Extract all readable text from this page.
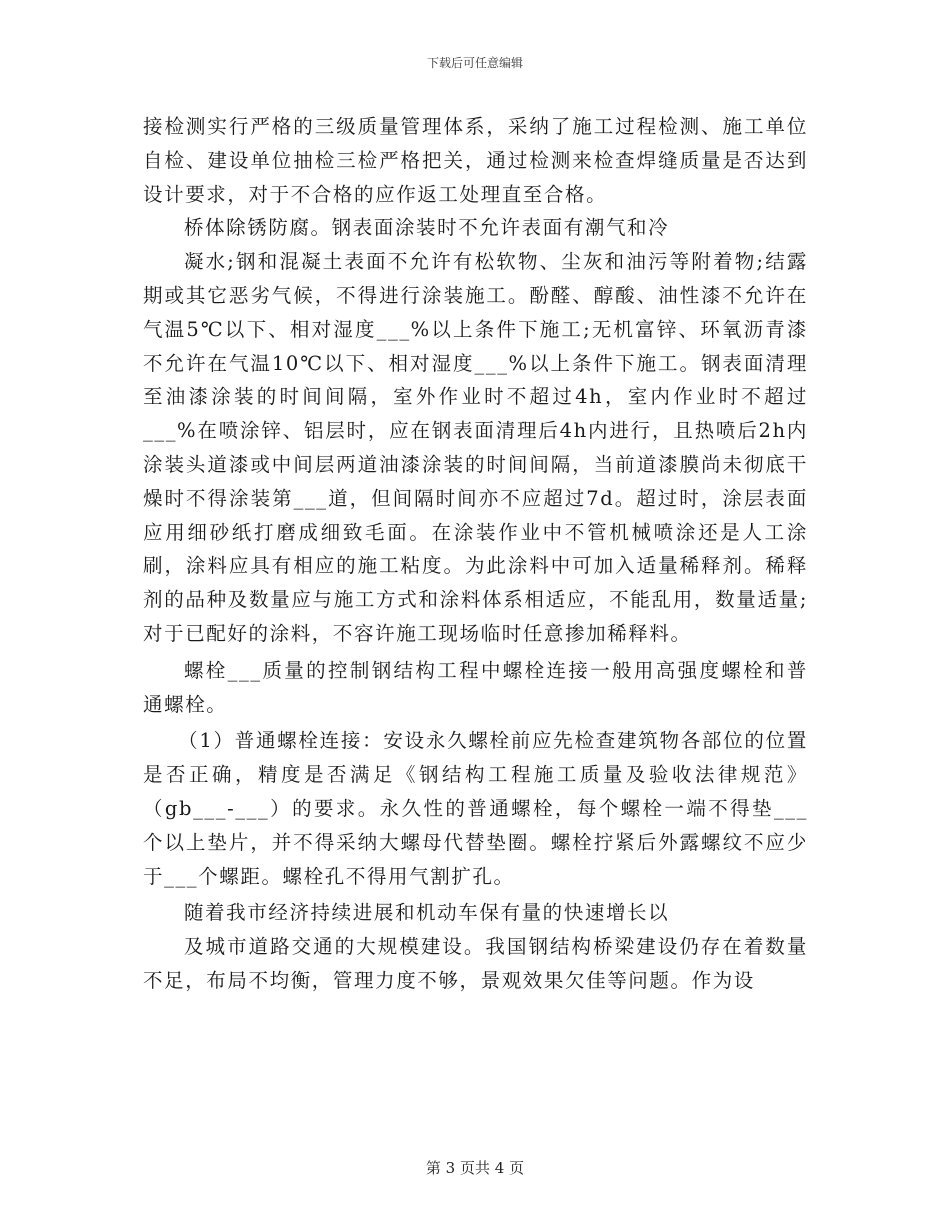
下载后可任意编辑

接检测实行严格的三级质量管理体系，采纳了施工过程检测、施工单位自检、建设单位抽检三检严格把关，通过检测来检查焊缝质量是否达到设计要求，对于不合格的应作返工处理直至合格。

桥体除锈防腐。钢表面涂装时不允许表面有潮气和冷

凝水;钢和混凝土表面不允许有松软物、尘灰和油污等附着物;结露期或其它恶劣气候，不得进行涂装施工。酚醛、醇酸、油性漆不允许在气温5℃以下、相对湿度___%以上条件下施工;无机富锌、环氧沥青漆不允许在气温10℃以下、相对湿度___%以上条件下施工。钢表面清理至油漆涂装的时间间隔，室外作业时不超过4h，室内作业时不超过___%在喷涂锌、铝层时，应在钢表面清理后4h内进行，且热喷后2h内涂装头道漆或中间层两道油漆涂装的时间间隔，当前道漆膜尚未彻底干燥时不得涂装第___道，但间隔时间亦不应超过7d。超过时，涂层表面应用细砂纸打磨成细致毛面。在涂装作业中不管机械喷涂还是人工涂刷，涂料应具有相应的施工粘度。为此涂料中可加入适量稀释剂。稀释剂的品种及数量应与施工方式和涂料体系相适应，不能乱用，数量适量;对于已配好的涂料，不容许施工现场临时任意掺加稀释料。

螺栓___质量的控制钢结构工程中螺栓连接一般用高强度螺栓和普通螺栓。

（1）普通螺栓连接：安设永久螺栓前应先检查建筑物各部位的位置是否正确，精度是否满足《钢结构工程施工质量及验收法律规范》（gb___-___）的要求。永久性的普通螺栓，每个螺栓一端不得垫___个以上垫片，并不得采纳大螺母代替垫圈。螺栓拧紧后外露螺纹不应少于___个螺距。螺栓孔不得用气割扩孔。

随着我市经济持续进展和机动车保有量的快速增长以

及城市道路交通的大规模建设。我国钢结构桥梁建设仍存在着数量不足，布局不均衡，管理力度不够，景观效果欠佳等问题。作为设

第 3 页共 4 页
